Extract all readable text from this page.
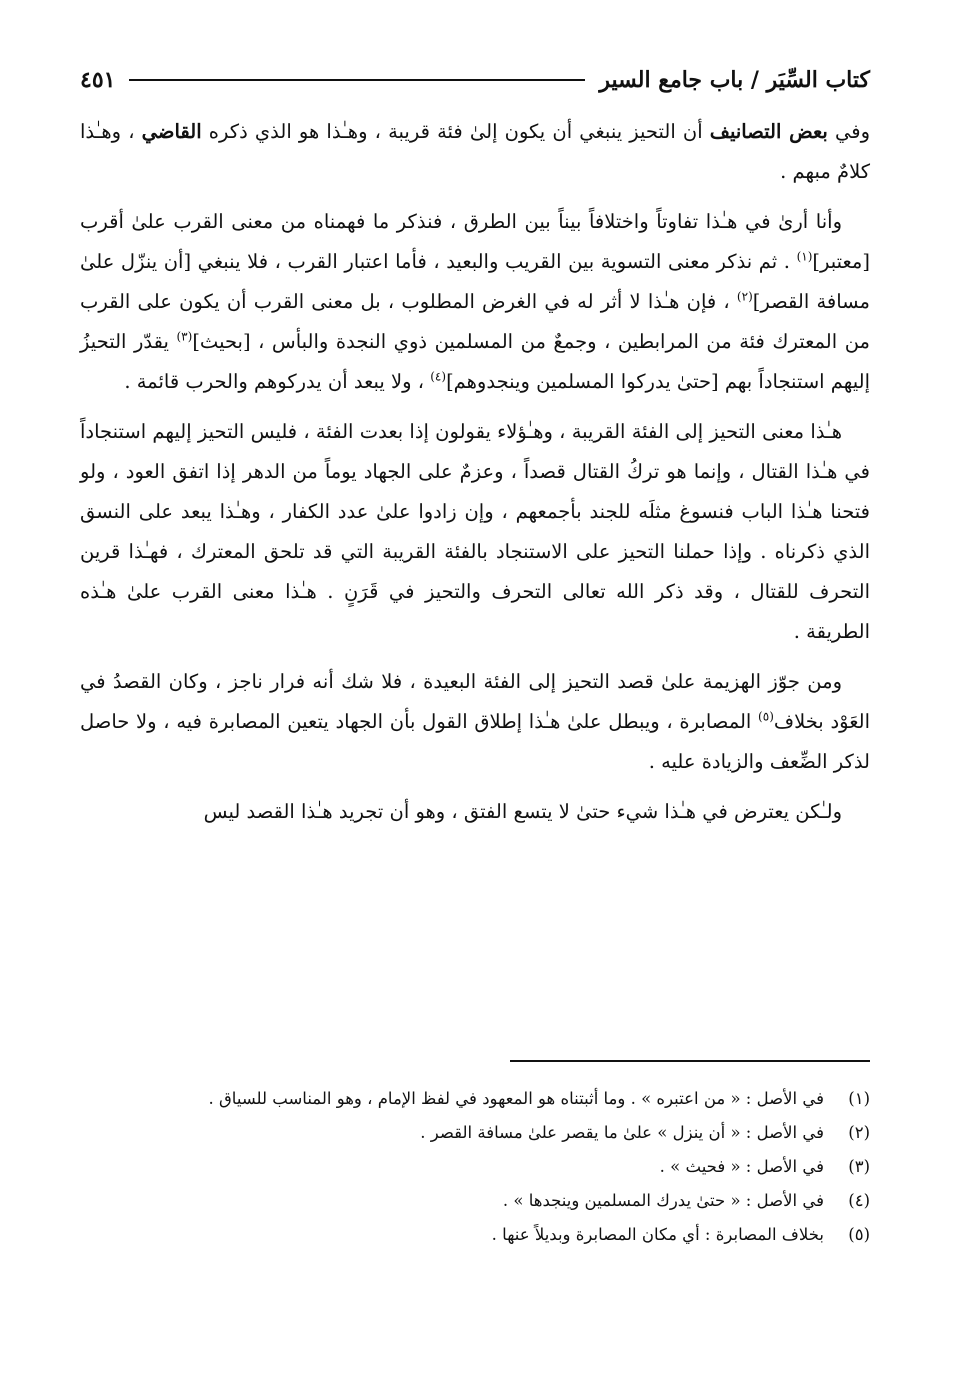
كتاب السِّيَر / باب جامع السير
٤٥١

وفي بعض التصانيف أن التحيز ينبغي أن يكون إلىٰ فئة قريبة ، وهـٰذا هو الذي ذكره القاضي ، وهـٰذا كلامٌ مبهم .

وأنا أرىٰ في هـٰذا تفاوتاً واختلافاً بيناً بين الطرق ، فنذكر ما فهمناه من معنى القرب علىٰ أقرب [معتبر]$^{(١)}$ . ثم نذكر معنى التسوية بين القريب والبعيد ، فأما اعتبار القرب ، فلا ينبغي [أن ينزّل علىٰ مسافة القصر]$^{(٢)}$ ، فإن هـٰذا لا أثر له في الغرض المطلوب ، بل معنى القرب أن يكون على القرب من المعترك فئة من المرابطين ، وجمعٌ من المسلمين ذوي النجدة والبأس ، [بحيث]$^{(٣)}$ يقدّر التحيزُ إليهم استنجاداً بهم [حتىٰ يدركوا المسلمين وينجدوهم]$^{(٤)}$ ، ولا يبعد أن يدركوهم والحرب قائمة .

هـٰذا معنى التحيز إلى الفئة القريبة ، وهـٰؤلاء يقولون إذا بعدت الفئة ، فليس التحيز إليهم استنجاداً في هـٰذا القتال ، وإنما هو تركُ القتال قصداً ، وعزمٌ على الجهاد يوماً من الدهر إذا اتفق العود ، ولو فتحنا هـٰذا الباب فنسوغ مثلَه للجند بأجمعهم ، وإن زادوا علىٰ عدد الكفار ، وهـٰذا يبعد على النسق الذي ذكرناه . وإذا حملنا التحيز على الاستنجاد بالفئة القريبة التي قد تلحق المعترك ، فهـٰذا قرين التحرف للقتال ، وقد ذكر الله تعالى التحرف والتحيز في قَرَنٍ . هـٰذا معنى القرب علىٰ هـٰذه الطريقة .

ومن جوّز الهزيمة علىٰ قصد التحيز إلى الفئة البعيدة ، فلا شك أنه فرار ناجز ، وكان القصدُ في العَوْد بخلاف$^{(٥)}$ المصابرة ، ويبطل علىٰ هـٰذا إطلاق القول بأن الجهاد يتعين المصابرة فيه ، ولا حاصل لذكر الضِّعف والزيادة عليه .

ولـٰكن يعترض في هـٰذا شيء حتىٰ لا يتسع الفتق ، وهو أن تجريد هـٰذا القصد ليس

(١)
في الأصل : « من اعتبره » . وما أثبتناه هو المعهود في لفظ الإمام ، وهو المناسب للسياق .
(٢)
في الأصل : « أن ينزل » علىٰ ما يقصر علىٰ مسافة القصر .
(٣)
في الأصل : « فحيث » .
(٤)
في الأصل : « حتىٰ يدرك المسلمين وينجدها » .
(٥)
بخلاف المصابرة : أي مكان المصابرة وبديلاً عنها .
